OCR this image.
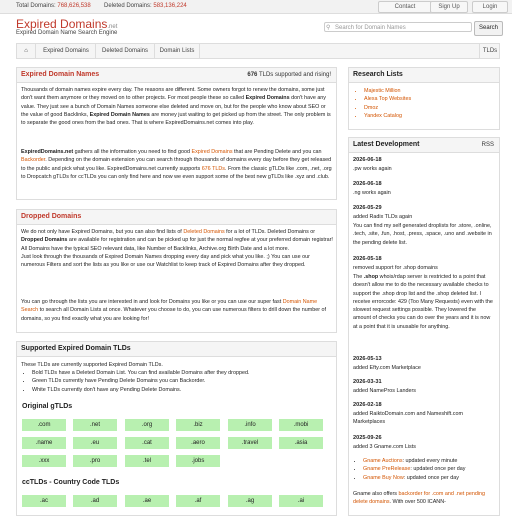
Total Domains: 768,626,538 Deleted Domains: 583,136,224	Contact	Sign Up	Login
Expired Domains.net
Expired Domain Name Search Engine
Search for Domain Names
⚲	Search
⌂	Expired Domains	Deleted Domains	Domain Lists	TLDs
Expired Domain Names	676 TLDs supported and rising!

Thousands of domain names expire every day. The reasons are different. Some owners forgot to renew the domains, some just don't want them anymore or they moved on to other projects. For most people these so called Expired Domains don't have any value. They just see a bunch of Domain Names someone else deleted and move on, but for the people who know about SEO or the value of good Backlinks, Expired Domain Names are money just waiting to get picked up from the street. The only problem is to separate the good ones from the bad ones. That is where ExpiredDomains.net comes into play.

ExpiredDomains.net gathers all the information you need to find good Expired Domains that are Pending Delete and you can Backorder. Depending on the domain extension you can search through thousands of domains every day before they get released to the public and pick what you like. ExpiredDomains.net currently supports 676 TLDs. From the classic gTLDs like .com, .net, .org to Dropcatch gTLDs for ccTLDs you can only find here and now we even support some of the best new gTLDs like .xyz and .club.

Dropped Domains

We do not only have Expired Domains, but you can also find lists of Deleted Domains for a lot of TLDs. Deleted Domains or Dropped Domains are available for registration and can be picked up for just the normal regfee at your preferred domain registrar! All Domains have the typical SEO relevant data, like Number of Backlinks, Archive.org Birth Date and a lot more.
Just look through the thousands of Expired Domain Names dropping every day and pick what you like. ;) You can use our numerous Filters and sort the lists as you like or use our Watchlist to keep track of Expired Domains after they dropped.

You can go through the lists you are interested in and look for Domains you like or you can use our super fast Domain Name Search to search all Domain Lists at once. Whatever you choose to do, you can use numerous filters to drill down the number of domains, so you find exactly what you are looking for!

Supported Expired Domain TLDs
These TLDs are currently supported Expired Domain TLDs.
• Bold TLDs have a Deleted Domain List. You can find available Domains after they dropped.
• Green TLDs currently have Pending Delete Domains you can Backorder.
• White TLDs currently don't have any Pending Delete Domains.
Original gTLDs
.com	.net	.org	.biz	.info	.mobi
.name	.eu	.cat	.aero	.travel	.asia
.xxx	.pro	.tel	.jobs
ccTLDs - Country Code TLDs
.ac	.ad	.ae	.af	.ag	.ai
Research Lists
• Majestic Million
• Alexa Top Websites
• Dmoz
• Yandex Catalog
Latest Development	RSS
2026-06-18
.pw works again
2026-06-18
.ng works again
2026-05-29
added Radix TLDs again

You can find my self generated droplists for .store, .online, .tech, .site, .fun, .host, .press, .space, .uno and .website in the pending delete list.

2026-05-18
removed support for .shop domains

The .shop whois/rdap server is restricted to a point that doesn't allow me to do the necessary available checks to support the .shop drop list and the .shop deleted list. I receive errorcode: 429 (Too Many Requests) even with the slowest request settings possible. They lowered the amount of checks you can do over the years and it is now at a point that it is unusable for anything.

2026-05-13
added Efty.com Marketplace
2026-03-31
added NamePros Landers
2026-02-18
added RaiktoDomain.com and Nameshift.com Marketplaces
2025-09-26
added 3 Gname.com Lists
• Gname Auctions: updated every minute
• Gname PreRelease: updated once per day
• Gname Buy Now: updated once per day

Gname also offers backorder for .com and .net pending delete domains. With over 500 ICANN-
